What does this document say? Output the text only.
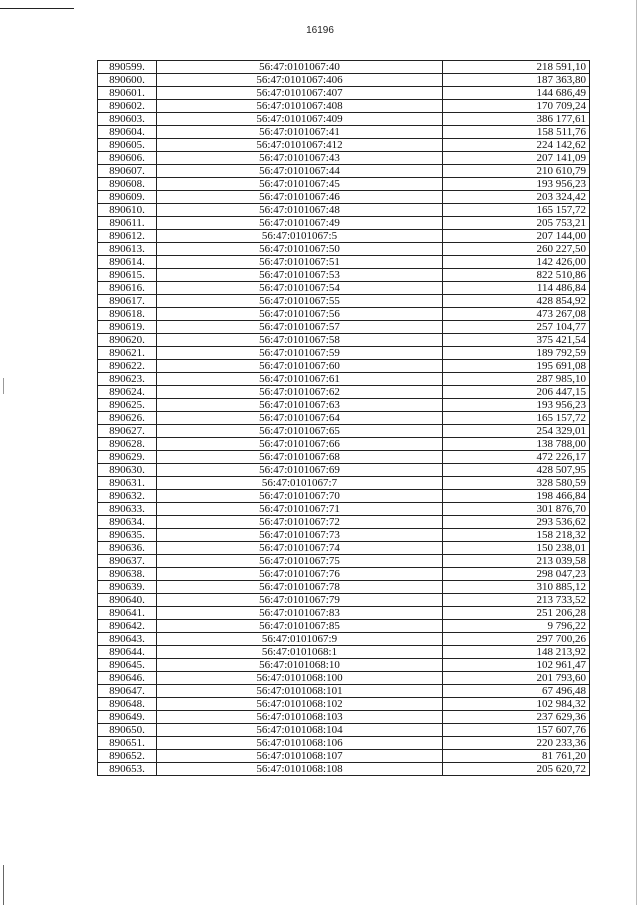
16196
890599.	56:47:0101067:40	218 591,10
890600.	56:47:0101067:406	187 363,80
890601.	56:47:0101067:407	144 686,49
890602.	56:47:0101067:408	170 709,24
890603.	56:47:0101067:409	386 177,61
890604.	56:47:0101067:41	158 511,76
890605.	56:47:0101067:412	224 142,62
890606.	56:47:0101067:43	207 141,09
890607.	56:47:0101067:44	210 610,79
890608.	56:47:0101067:45	193 956,23
890609.	56:47:0101067:46	203 324,42
890610.	56:47:0101067:48	165 157,72
890611.	56:47:0101067:49	205 753,21
890612.	56:47:0101067:5	207 144,00
890613.	56:47:0101067:50	260 227,50
890614.	56:47:0101067:51	142 426,00
890615.	56:47:0101067:53	822 510,86
890616.	56:47:0101067:54	114 486,84
890617.	56:47:0101067:55	428 854,92
890618.	56:47:0101067:56	473 267,08
890619.	56:47:0101067:57	257 104,77
890620.	56:47:0101067:58	375 421,54
890621.	56:47:0101067:59	189 792,59
890622.	56:47:0101067:60	195 691,08
890623.	56:47:0101067:61	287 985,10
890624.	56:47:0101067:62	206 447,15
890625.	56:47:0101067:63	193 956,23
890626.	56:47:0101067:64	165 157,72
890627.	56:47:0101067:65	254 329,01
890628.	56:47:0101067:66	138 788,00
890629.	56:47:0101067:68	472 226,17
890630.	56:47:0101067:69	428 507,95
890631.	56:47:0101067:7	328 580,59
890632.	56:47:0101067:70	198 466,84
890633.	56:47:0101067:71	301 876,70
890634.	56:47:0101067:72	293 536,62
890635.	56:47:0101067:73	158 218,32
890636.	56:47:0101067:74	150 238,01
890637.	56:47:0101067:75	213 039,58
890638.	56:47:0101067:76	298 047,23
890639.	56:47:0101067:78	310 885,12
890640.	56:47:0101067:79	213 733,52
890641.	56:47:0101067:83	251 206,28
890642.	56:47:0101067:85	9 796,22
890643.	56:47:0101067:9	297 700,26
890644.	56:47:0101068:1	148 213,92
890645.	56:47:0101068:10	102 961,47
890646.	56:47:0101068:100	201 793,60
890647.	56:47:0101068:101	67 496,48
890648.	56:47:0101068:102	102 984,32
890649.	56:47:0101068:103	237 629,36
890650.	56:47:0101068:104	157 607,76
890651.	56:47:0101068:106	220 233,36
890652.	56:47:0101068:107	81 761,20
890653.	56:47:0101068:108	205 620,72
